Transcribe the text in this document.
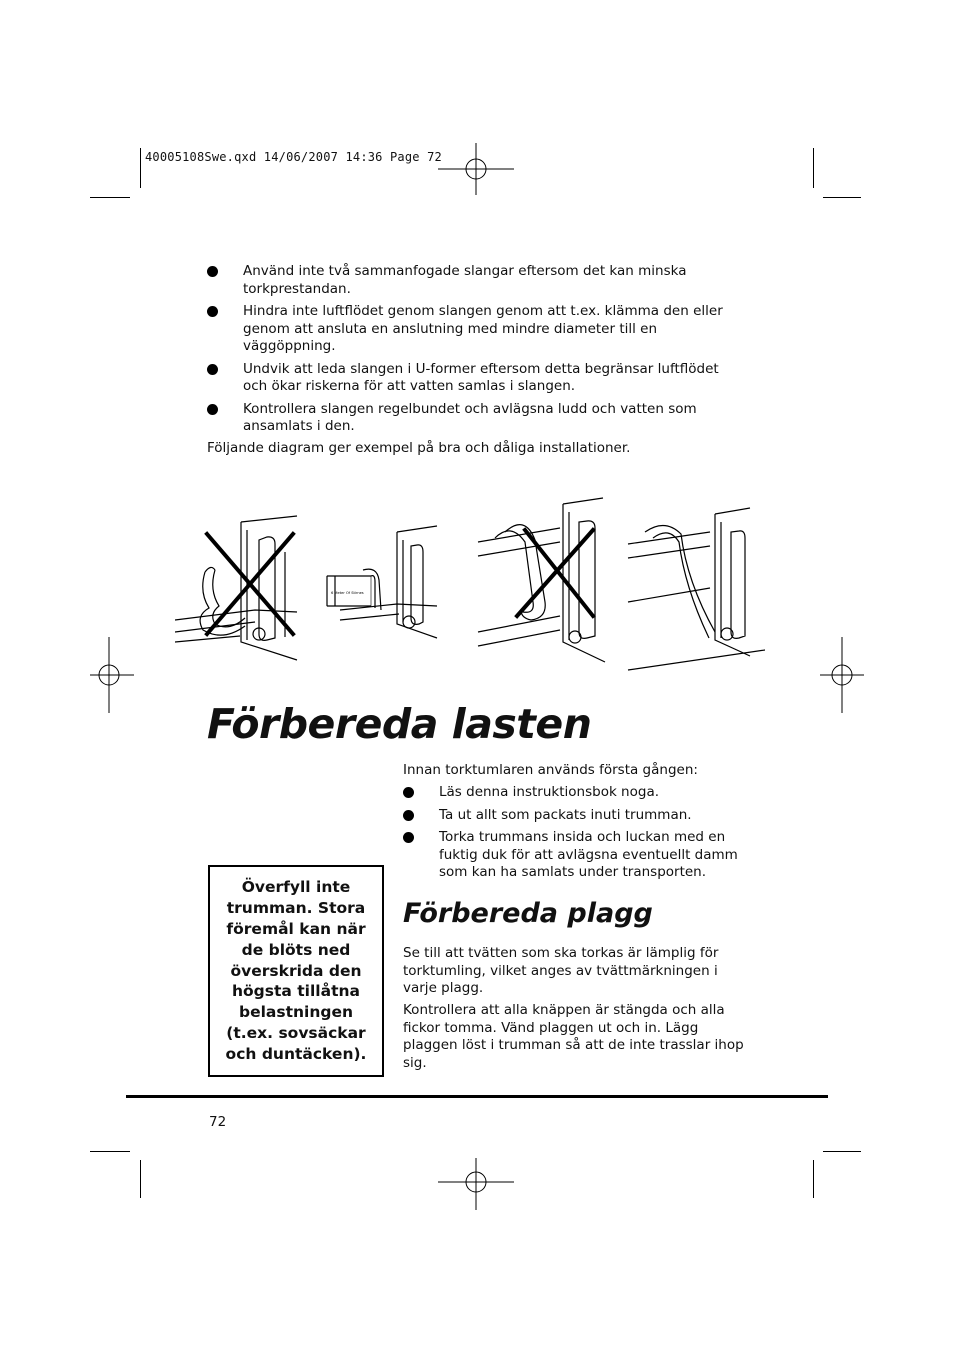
40005108Swe.qxd 14/06/2007 14:36 Page 72
Använd inte två sammanfogade slangar eftersom det kan minska torkprestandan.
Hindra inte luftflödet genom slangen genom att t.ex. klämma den eller genom att ansluta en anslutning med mindre diameter till en väggöppning.
Undvik att leda slangen i U-former eftersom detta begränsar luftflödet och ökar riskerna för att vatten samlas i slangen.
Kontrollera slangen regelbundet och avlägsna ludd och vatten som ansamlats i den.
Följande diagram ger exempel på bra och dåliga installationer.
6 Meter Of Stirnes
Förbereda lasten
Innan torktumlaren används första gången:
Läs denna instruktionsbok noga.
Ta ut allt som packats inuti trumman.
Torka trummans insida och luckan med en fuktig duk för att avlägsna eventuellt damm som kan ha samlats under transporten.
Överfyll inte trumman. Stora föremål kan när de blöts ned överskrida den högsta tillåtna belastningen (t.ex. sovsäckar och duntäcken).
Förbereda plagg
Se till att tvätten som ska torkas är lämplig för torktumling, vilket anges av tvättmärkningen i varje plagg.
Kontrollera att alla knäppen är stängda och alla fickor tomma. Vänd plaggen ut och in. Lägg plaggen löst i trumman så att de inte trasslar ihop sig.
72
